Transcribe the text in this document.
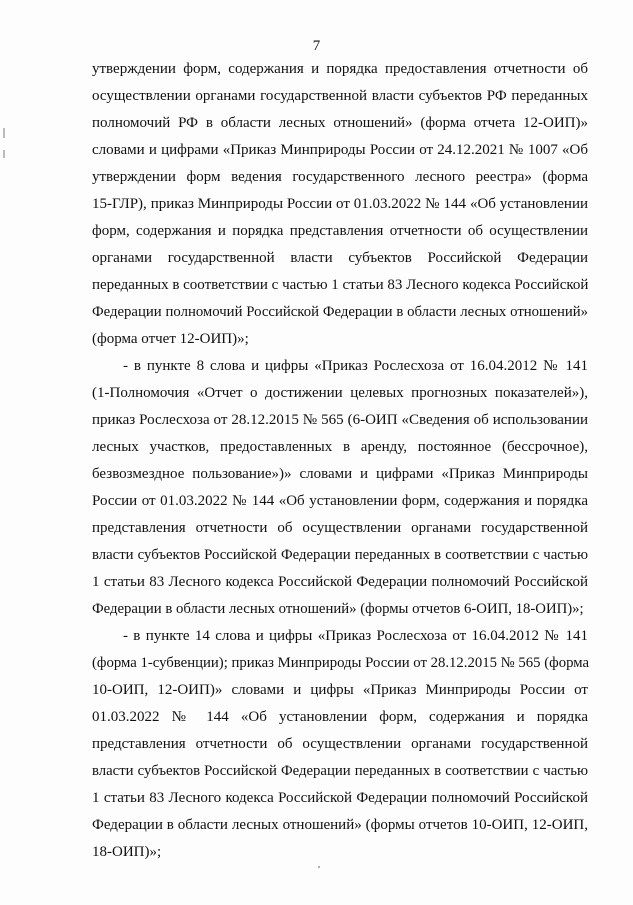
7
утверждении форм, содержания и порядка предоставления отчетности об
осуществлении органами государственной власти субъектов РФ переданных
полномочий РФ в области лесных отношений» (форма отчета 12-ОИП)»
словами и цифрами «Приказ Минприроды России от 24.12.2021 № 1007 «Об
утверждении форм ведения государственного лесного реестра» (форма
15-ГЛР), приказ Минприроды России от 01.03.2022 № 144 «Об установлении
форм, содержания и порядка представления отчетности об осуществлении
органами государственной власти субъектов Российской Федерации
переданных в соответствии с частью 1 статьи 83 Лесного кодекса Российской
Федерации полномочий Российской Федерации в области лесных отношений»
(форма отчет 12-ОИП)»;
- в пункте 8 слова и цифры «Приказ Рослесхоза от 16.04.2012 № 141
(1-Полномочия «Отчет о достижении целевых прогнозных показателей»),
приказ Рослесхоза от 28.12.2015 № 565 (6-ОИП «Сведения об использовании
лесных участков, предоставленных в аренду, постоянное (бессрочное),
безвозмездное пользование»)» словами и цифрами «Приказ Минприроды
России от 01.03.2022 № 144 «Об установлении форм, содержания и порядка
представления отчетности об осуществлении органами государственной
власти субъектов Российской Федерации переданных в соответствии с частью
1 статьи 83 Лесного кодекса Российской Федерации полномочий Российской
Федерации в области лесных отношений» (формы отчетов 6-ОИП, 18-ОИП)»;
- в пункте 14 слова и цифры «Приказ Рослесхоза от 16.04.2012 № 141
(форма 1-субвенции); приказ Минприроды России от 28.12.2015 № 565 (форма
10-ОИП, 12-ОИП)» словами и цифры «Приказ Минприроды России от
01.03.2022 № 144 «Об установлении форм, содержания и порядка
представления отчетности об осуществлении органами государственной
власти субъектов Российской Федерации переданных в соответствии с частью
1 статьи 83 Лесного кодекса Российской Федерации полномочий Российской
Федерации в области лесных отношений» (формы отчетов 10-ОИП, 12-ОИП,
18-ОИП)»;
